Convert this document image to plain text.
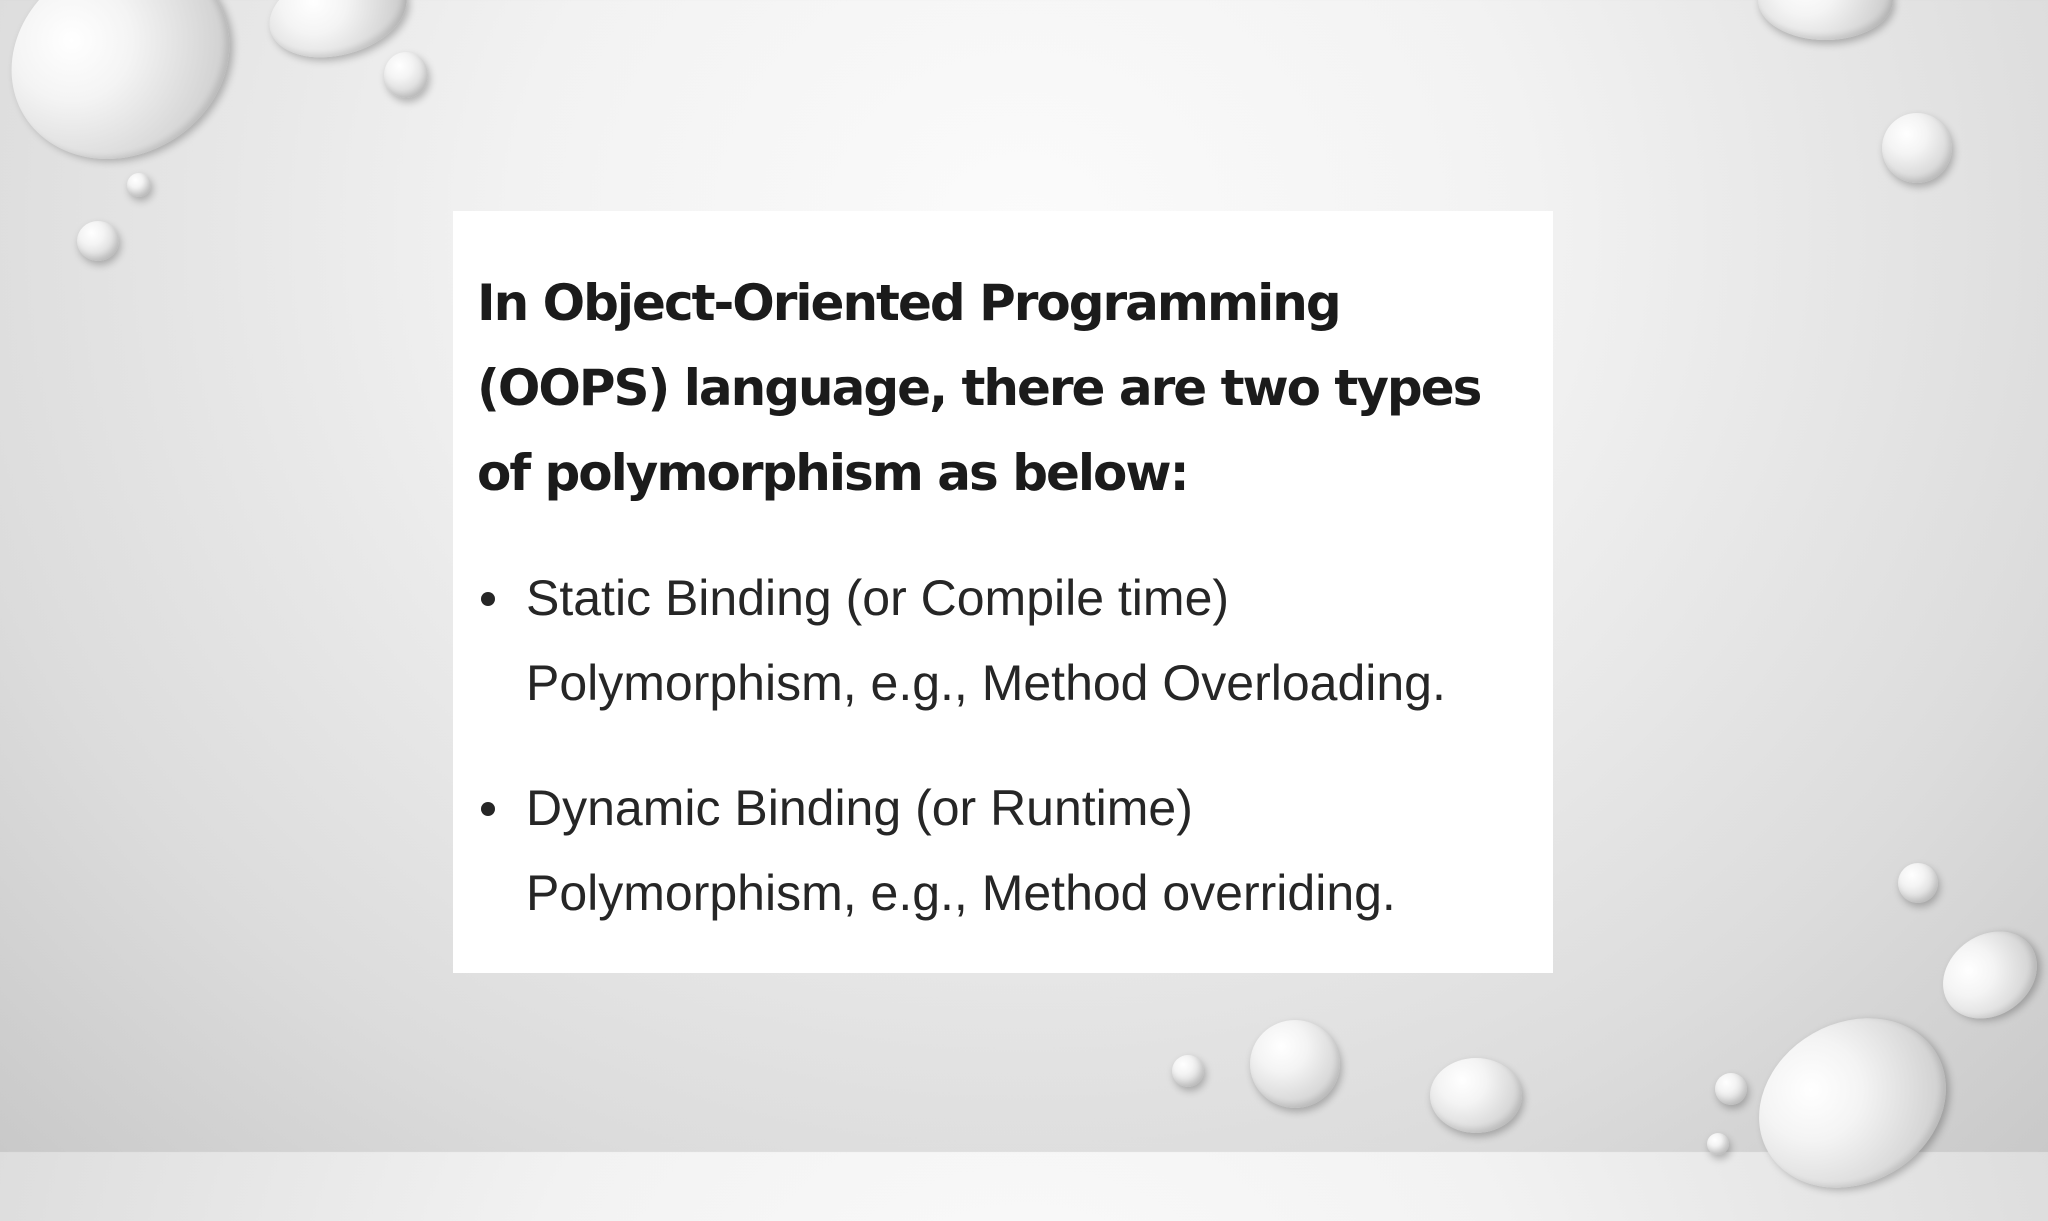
In Object-Oriented Programming (OOPS) language, there are two types of polymorphism as below:

Static Binding (or Compile time) Polymorphism, e.g., Method Overloading.
Dynamic Binding (or Runtime) Polymorphism, e.g., Method overriding.
